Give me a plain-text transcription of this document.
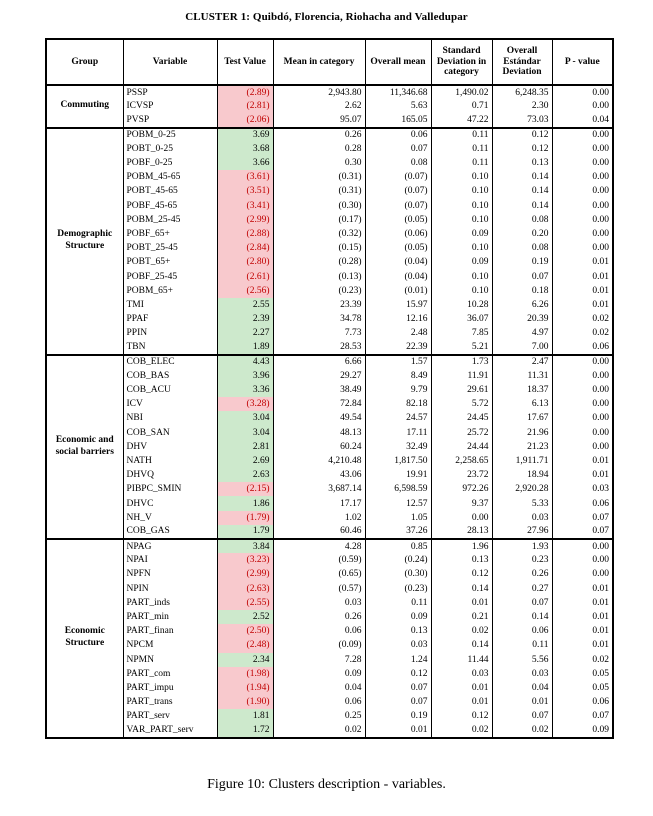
CLUSTER 1: Quibdó, Florencia, Riohacha and Valledupar
Group	Variable	Test Value	Mean in category	Overall mean	Standard Deviation in category	Overall Estándar Deviation	P - value
Commuting	PSSP	(2.89)	2,943.80	11,346.68	1,490.02	6,248.35	0.00
	ICVSP	(2.81)	2.62	5.63	0.71	2.30	0.00
	PVSP	(2.06)	95.07	165.05	47.22	73.03	0.04
Demographic Structure	POBM_0-25	3.69	0.26	0.06	0.11	0.12	0.00
	POBT_0-25	3.68	0.28	0.07	0.11	0.12	0.00
	POBF_0-25	3.66	0.30	0.08	0.11	0.13	0.00
	POBM_45-65	(3.61)	(0.31)	(0.07)	0.10	0.14	0.00
	POBT_45-65	(3.51)	(0.31)	(0.07)	0.10	0.14	0.00
	POBF_45-65	(3.41)	(0.30)	(0.07)	0.10	0.14	0.00
	POBM_25-45	(2.99)	(0.17)	(0.05)	0.10	0.08	0.00
	POBF_65+	(2.88)	(0.32)	(0.06)	0.09	0.20	0.00
	POBT_25-45	(2.84)	(0.15)	(0.05)	0.10	0.08	0.00
	POBT_65+	(2.80)	(0.28)	(0.04)	0.09	0.19	0.01
	POBF_25-45	(2.61)	(0.13)	(0.04)	0.10	0.07	0.01
	POBM_65+	(2.56)	(0.23)	(0.01)	0.10	0.18	0.01
	TMI	2.55	23.39	15.97	10.28	6.26	0.01
	PPAF	2.39	34.78	12.16	36.07	20.39	0.02
	PPIN	2.27	7.73	2.48	7.85	4.97	0.02
	TBN	1.89	28.53	22.39	5.21	7.00	0.06
Economic and social barriers	COB_ELEC	4.43	6.66	1.57	1.73	2.47	0.00
	COB_BAS	3.96	29.27	8.49	11.91	11.31	0.00
	COB_ACU	3.36	38.49	9.79	29.61	18.37	0.00
	ICV	(3.28)	72.84	82.18	5.72	6.13	0.00
	NBI	3.04	49.54	24.57	24.45	17.67	0.00
	COB_SAN	3.04	48.13	17.11	25.72	21.96	0.00
	DHV	2.81	60.24	32.49	24.44	21.23	0.00
	NATH	2.69	4,210.48	1,817.50	2,258.65	1,911.71	0.01
	DHVQ	2.63	43.06	19.91	23.72	18.94	0.01
	PIBPC_SMIN	(2.15)	3,687.14	6,598.59	972.26	2,920.28	0.03
	DHVC	1.86	17.17	12.57	9.37	5.33	0.06
	NH_V	(1.79)	1.02	1.05	0.00	0.03	0.07
	COB_GAS	1.79	60.46	37.26	28.13	27.96	0.07
Economic Structure	NPAG	3.84	4.28	0.85	1.96	1.93	0.00
	NPAI	(3.23)	(0.59)	(0.24)	0.13	0.23	0.00
	NPFN	(2.99)	(0.65)	(0.30)	0.12	0.26	0.00
	NPIN	(2.63)	(0.57)	(0.23)	0.14	0.27	0.01
	PART_inds	(2.55)	0.03	0.11	0.01	0.07	0.01
	PART_min	2.52	0.26	0.09	0.21	0.14	0.01
	PART_finan	(2.50)	0.06	0.13	0.02	0.06	0.01
	NPCM	(2.48)	(0.09)	0.03	0.14	0.11	0.01
	NPMN	2.34	7.28	1.24	11.44	5.56	0.02
	PART_com	(1.98)	0.09	0.12	0.03	0.03	0.05
	PART_impu	(1.94)	0.04	0.07	0.01	0.04	0.05
	PART_trans	(1.90)	0.06	0.07	0.01	0.01	0.06
	PART_serv	1.81	0.25	0.19	0.12	0.07	0.07
	VAR_PART_serv	1.72	0.02	0.01	0.02	0.02	0.09
Figure 10: Clusters description - variables.
